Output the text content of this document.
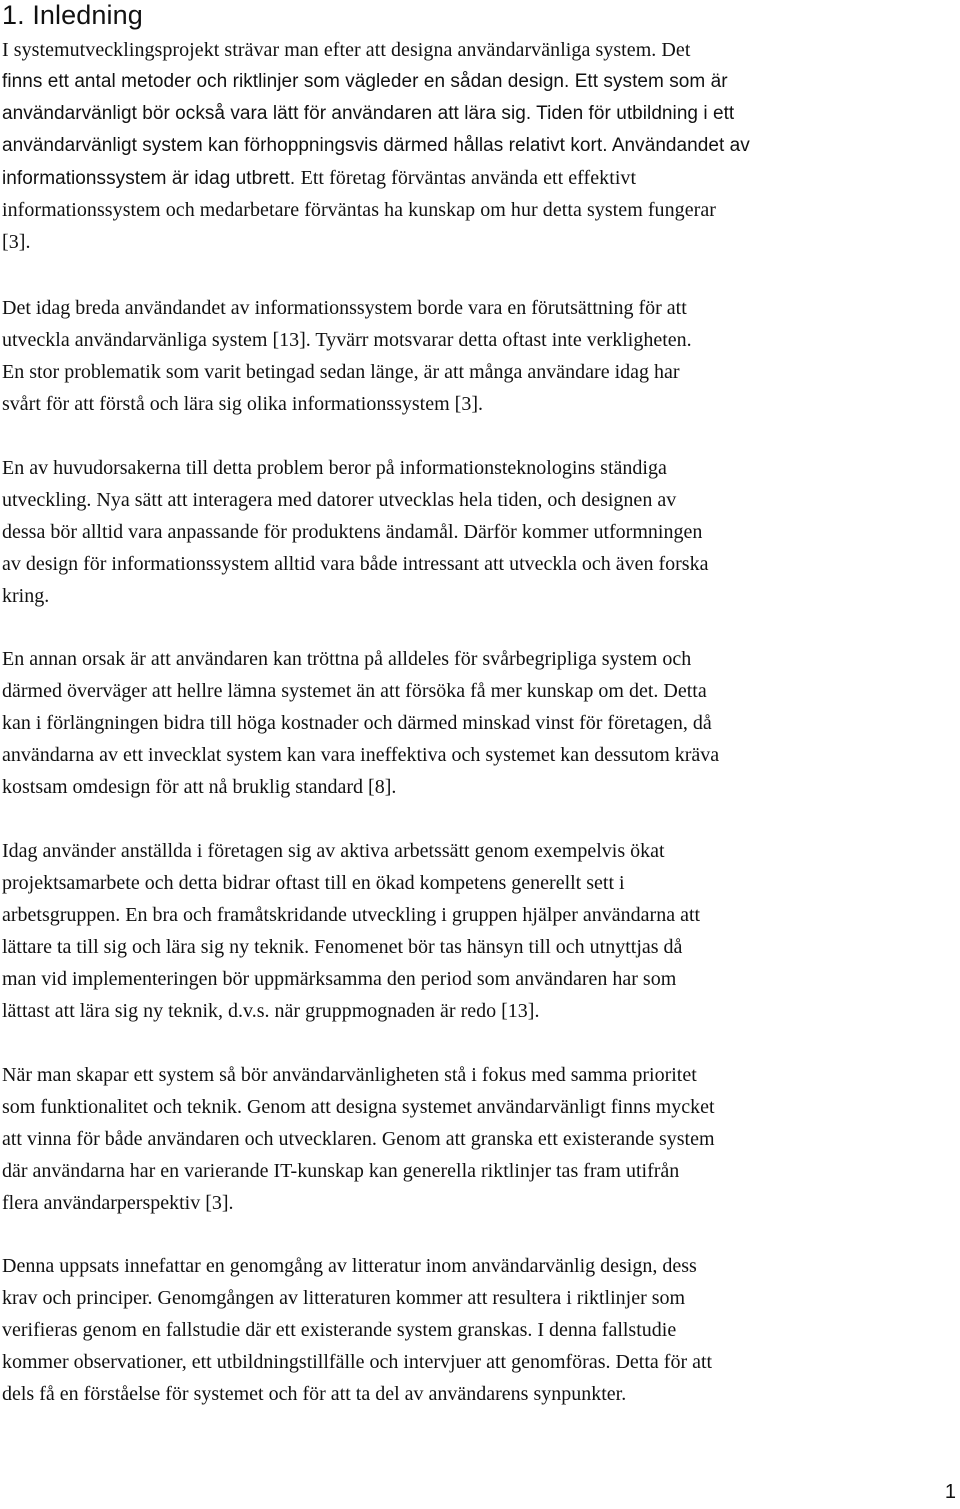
1. Inledning
I systemutvecklingsprojekt strävar man efter att designa användarvänliga system. Det
finns ett antal metoder och riktlinjer som vägleder en sådan design. Ett system som är
användarvänligt bör också vara lätt för användaren att lära sig. Tiden för utbildning i ett
användarvänligt system kan förhoppningsvis därmed hållas relativt kort. Användandet av
informationssystem är idag utbrett. Ett företag förväntas använda ett effektivt
informationssystem och medarbetare förväntas ha kunskap om hur detta system fungerar
[3].
Det idag breda användandet av informationssystem borde vara en förutsättning för att
utveckla användarvänliga system [13]. Tyvärr motsvarar detta oftast inte verkligheten.
En stor problematik som varit betingad sedan länge, är att många användare idag har
svårt för att förstå och lära sig olika informationssystem [3].
En av huvudorsakerna till detta problem beror på informationsteknologins ständiga
utveckling. Nya sätt att interagera med datorer utvecklas hela tiden, och designen av
dessa bör alltid vara anpassande för produktens ändamål. Därför kommer utformningen
av design för informationssystem alltid vara både intressant att utveckla och även forska
kring.
En annan orsak är att användaren kan tröttna på alldeles för svårbegripliga system och
därmed överväger att hellre lämna systemet än att försöka få mer kunskap om det. Detta
kan i förlängningen bidra till höga kostnader och därmed minskad vinst för företagen, då
användarna av ett invecklat system kan vara ineffektiva och systemet kan dessutom kräva
kostsam omdesign för att nå bruklig standard [8].
Idag använder anställda i företagen sig av aktiva arbetssätt genom exempelvis ökat
projektsamarbete och detta bidrar oftast till en ökad kompetens generellt sett i
arbetsgruppen. En bra och framåtskridande utveckling i gruppen hjälper användarna att
lättare ta till sig och lära sig ny teknik. Fenomenet bör tas hänsyn till och utnyttjas då
man vid implementeringen bör uppmärksamma den period som användaren har som
lättast att lära sig ny teknik, d.v.s. när gruppmognaden är redo [13].
När man skapar ett system så bör användarvänligheten stå i fokus med samma prioritet
som funktionalitet och teknik. Genom att designa systemet användarvänligt finns mycket
att vinna för både användaren och utvecklaren. Genom att granska ett existerande system
där användarna har en varierande IT-kunskap kan generella riktlinjer tas fram utifrån
flera användarperspektiv [3].
Denna uppsats innefattar en genomgång av litteratur inom användarvänlig design, dess
krav och principer. Genomgången av litteraturen kommer att resultera i riktlinjer som
verifieras genom en fallstudie där ett existerande system granskas. I denna fallstudie
kommer observationer, ett utbildningstillfälle och intervjuer att genomföras. Detta för att
dels få en förståelse för systemet och för att ta del av användarens synpunkter.
1
